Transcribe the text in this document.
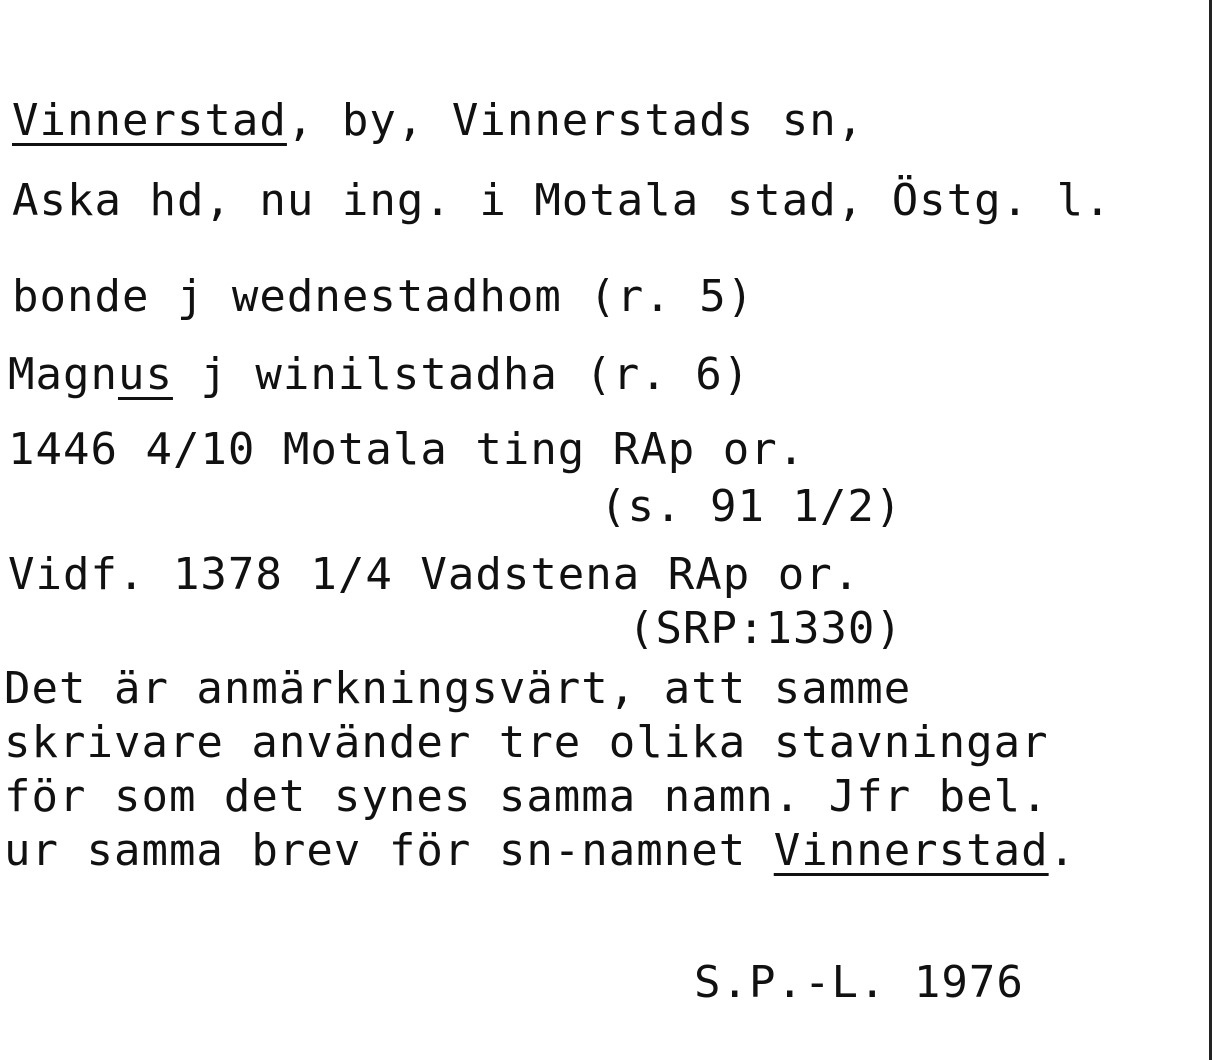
Vinnerstad, by, Vinnerstads sn,
Aska hd, nu ing. i Motala stad, Östg. l.
bonde j wednestadhom (r. 5)
Magnus j winilstadha (r. 6)
1446 4/10 Motala ting RAp or.
(s. 91 1/2)
Vidf. 1378 1/4 Vadstena RAp or.
(SRP:1330)
Det är anmärkningsvärt, att samme
skrivare använder tre olika stavningar
för som det synes samma namn. Jfr bel.
ur samma brev för sn-namnet Vinnerstad.
S.P.-L. 1976
